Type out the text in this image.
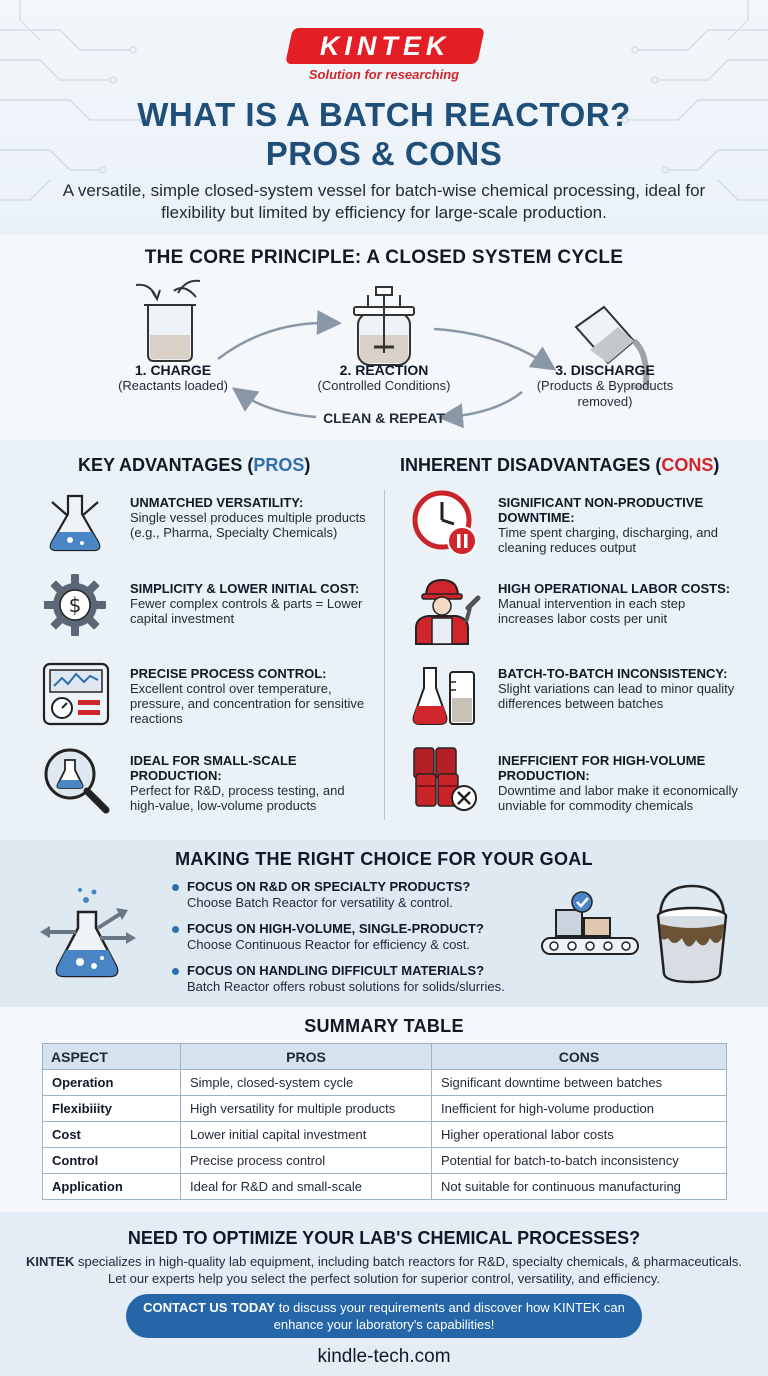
KINTEK
Solution for researching
WHAT IS A BATCH REACTOR?
PROS & CONS
A versatile, simple closed-system vessel for batch-wise chemical processing, ideal for flexibility but limited by efficiency for large-scale production.
THE CORE PRINCIPLE: A CLOSED SYSTEM CYCLE
1. CHARGE
(Reactants loaded)
2. REACTION
(Controlled Conditions)
3. DISCHARGE
(Products & Byproducts removed)
CLEAN & REPEAT
KEY ADVANTAGES (PROS)	INHERENT DISADVANTAGES (CONS)
$
UNMATCHED VERSATILITY:
Single vessel produces multiple products (e.g., Pharma, Specialty Chemicals)
SIMPLICITY & LOWER INITIAL COST:
Fewer complex controls & parts = Lower capital investment
PRECISE PROCESS CONTROL:
Excellent control over temperature, pressure, and concentration for sensitive reactions
IDEAL FOR SMALL-SCALE PRODUCTION:
Perfect for R&D, process testing, and high-value, low-volume products
SIGNIFICANT NON-PRODUCTIVE DOWNTIME:
Time spent charging, discharging, and cleaning reduces output
HIGH OPERATIONAL LABOR COSTS:
Manual intervention in each step increases labor costs per unit
BATCH-TO-BATCH INCONSISTENCY:
Slight variations can lead to minor quality differences between batches
INEFFICIENT FOR HIGH-VOLUME PRODUCTION:
Downtime and labor make it economically unviable for commodity chemicals
MAKING THE RIGHT CHOICE FOR YOUR GOAL
FOCUS ON R&D OR SPECIALTY PRODUCTS?
Choose Batch Reactor for versatility & control.
FOCUS ON HIGH-VOLUME, SINGLE-PRODUCT?
Choose Continuous Reactor for efficiency & cost.
FOCUS ON HANDLING DIFFICULT MATERIALS?
Batch Reactor offers robust solutions for solids/slurries.
SUMMARY TABLE
ASPECT	PROS	CONS
Operation	Simple, closed-system cycle	Significant downtime between batches
Flexibiiity	High versatility for multiple products	Inefficient for high-volume production
Cost	Lower initial capital investment	Higher operational labor costs
Control	Precise process control	Potential for batch-to-batch inconsistency
Application	Ideal for R&D and small-scale	Not suitable for continuous manufacturing
NEED TO OPTIMIZE YOUR LAB'S CHEMICAL PROCESSES?
KINTEK specializes in high-quality lab equipment, including batch reactors for R&D, specialty chemicals, & pharmaceuticals. Let our experts help you select the perfect solution for superior control, versatility, and efficiency.
CONTACT US TODAY to discuss your requirements and discover how KINTEK can enhance your laboratory's capabilities!
kindle-tech.com
